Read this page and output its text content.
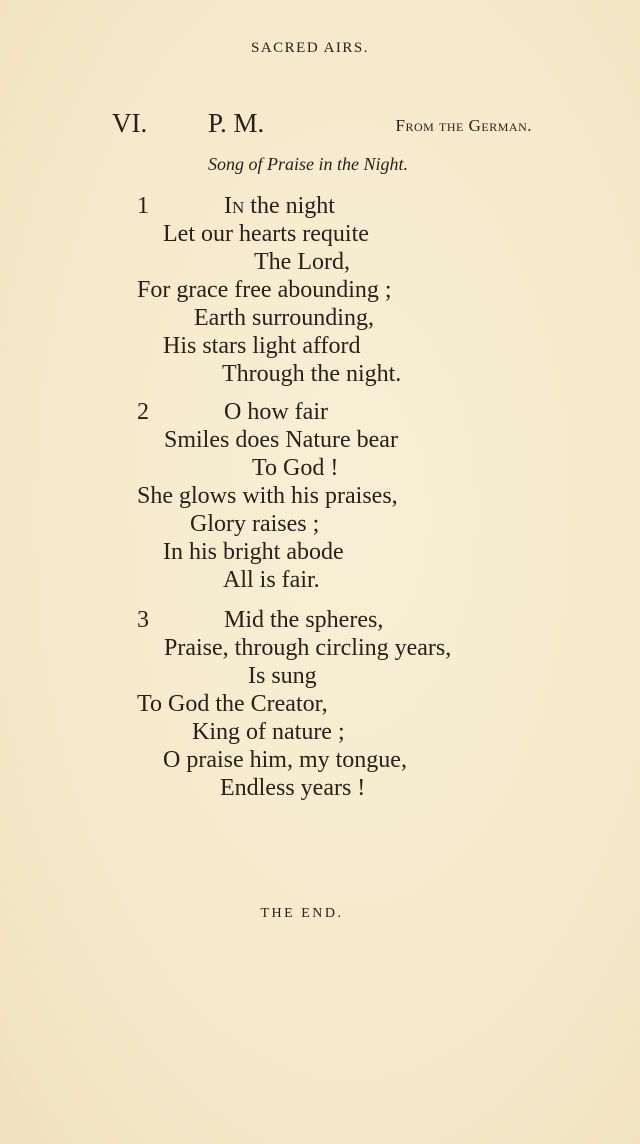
SACRED AIRS.
VI. P. M.	From the German.
Song of Praise in the Night.
1	In the night
Let our hearts requite
The Lord,
For grace free abounding ;
Earth surrounding,
His stars light afford
Through the night.
2	O how fair
Smiles does Nature bear
To God !
She glows with his praises,
Glory raises ;
In his bright abode
All is fair.
3	Mid the spheres,
Praise, through circling years,
Is sung
To God the Creator,
King of nature ;
O praise him, my tongue,
Endless years !
THE END.
